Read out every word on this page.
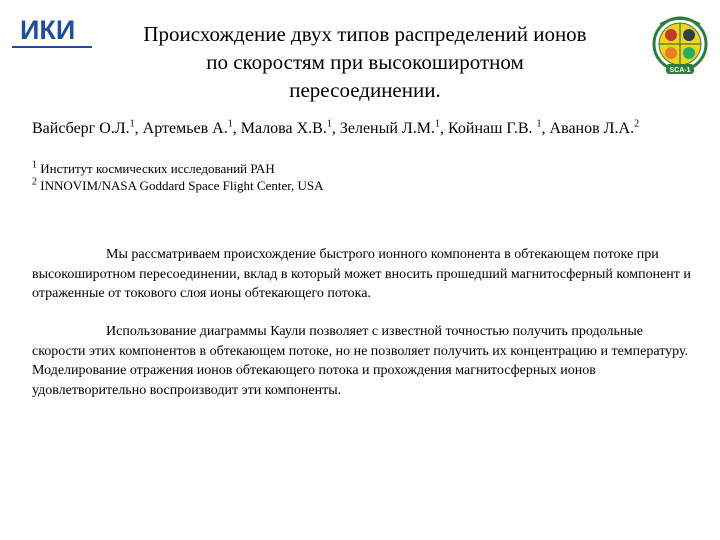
ИКИ	Происхождение двух типов распределений ионов
по скоростям при высокоширотном
пересоединении.
SCA-1
Вайсберг О.Л.$^1$, Артемьев А.$^1$, Малова Х.В.$^1$, Зеленый Л.М.$^1$, Койнаш Г.В. $^1$, Аванов Л.А.$^2$
$^1$ Институт космических исследований РАН
$^2$ INNOVIM/NASA Goddard Space Flight Center, USA

Мы рассматриваем происхождение быстрого ионного компонента в обтекающем потоке при высокоширотном пересоединении, вклад в который может вносить прошедший магнитосферный компонент и отраженные от токового слоя ионы обтекающего потока.

Использование диаграммы Каули позволяет с известной точностью получить продольные скорости этих компонентов в обтекающем потоке, но не позволяет получить их концентрацию и температуру. Моделирование отражения ионов обтекающего потока и прохождения магнитосферных ионов удовлетворительно воспроизводит эти компоненты.
